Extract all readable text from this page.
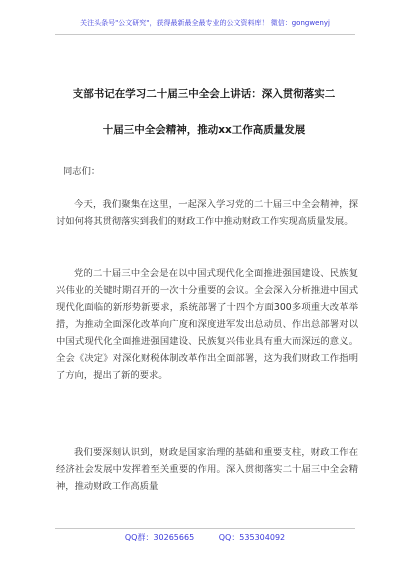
关注头条号"公文研究"，获得最新最全最专业的公文资料库！ 微信：gongwenyj
支部书记在学习二十届三中全会上讲话：深入贯彻落实二
十届三中全会精神，推动xx工作高质量发展
同志们：
今天，我们聚集在这里，一起深入学习党的二十届三中全会精神，探讨如何将其贯彻落实到我们的财政工作中推动财政工作实现高质量发展。
党的二十届三中全会是在以中国式现代化全面推进强国建设、民族复兴伟业的关键时期召开的一次十分重要的会议。全会深入分析推进中国式现代化面临的新形势新要求，系统部署了十四个方面300多项重大改革举措，为推动全面深化改革向广度和深度进军发出总动员、作出总部署对以中国式现代化全面推进强国建设、民族复兴伟业具有重大而深远的意义。全会《决定》对深化财税体制改革作出全面部署，这为我们财政工作指明了方向，提出了新的要求。
我们要深刻认识到，财政是国家治理的基础和重要支柱，财政工作在经济社会发展中发挥着至关重要的作用。深入贯彻落实二十届三中全会精神，推动财政工作高质量
QQ群：30265665	QQ：535304092
